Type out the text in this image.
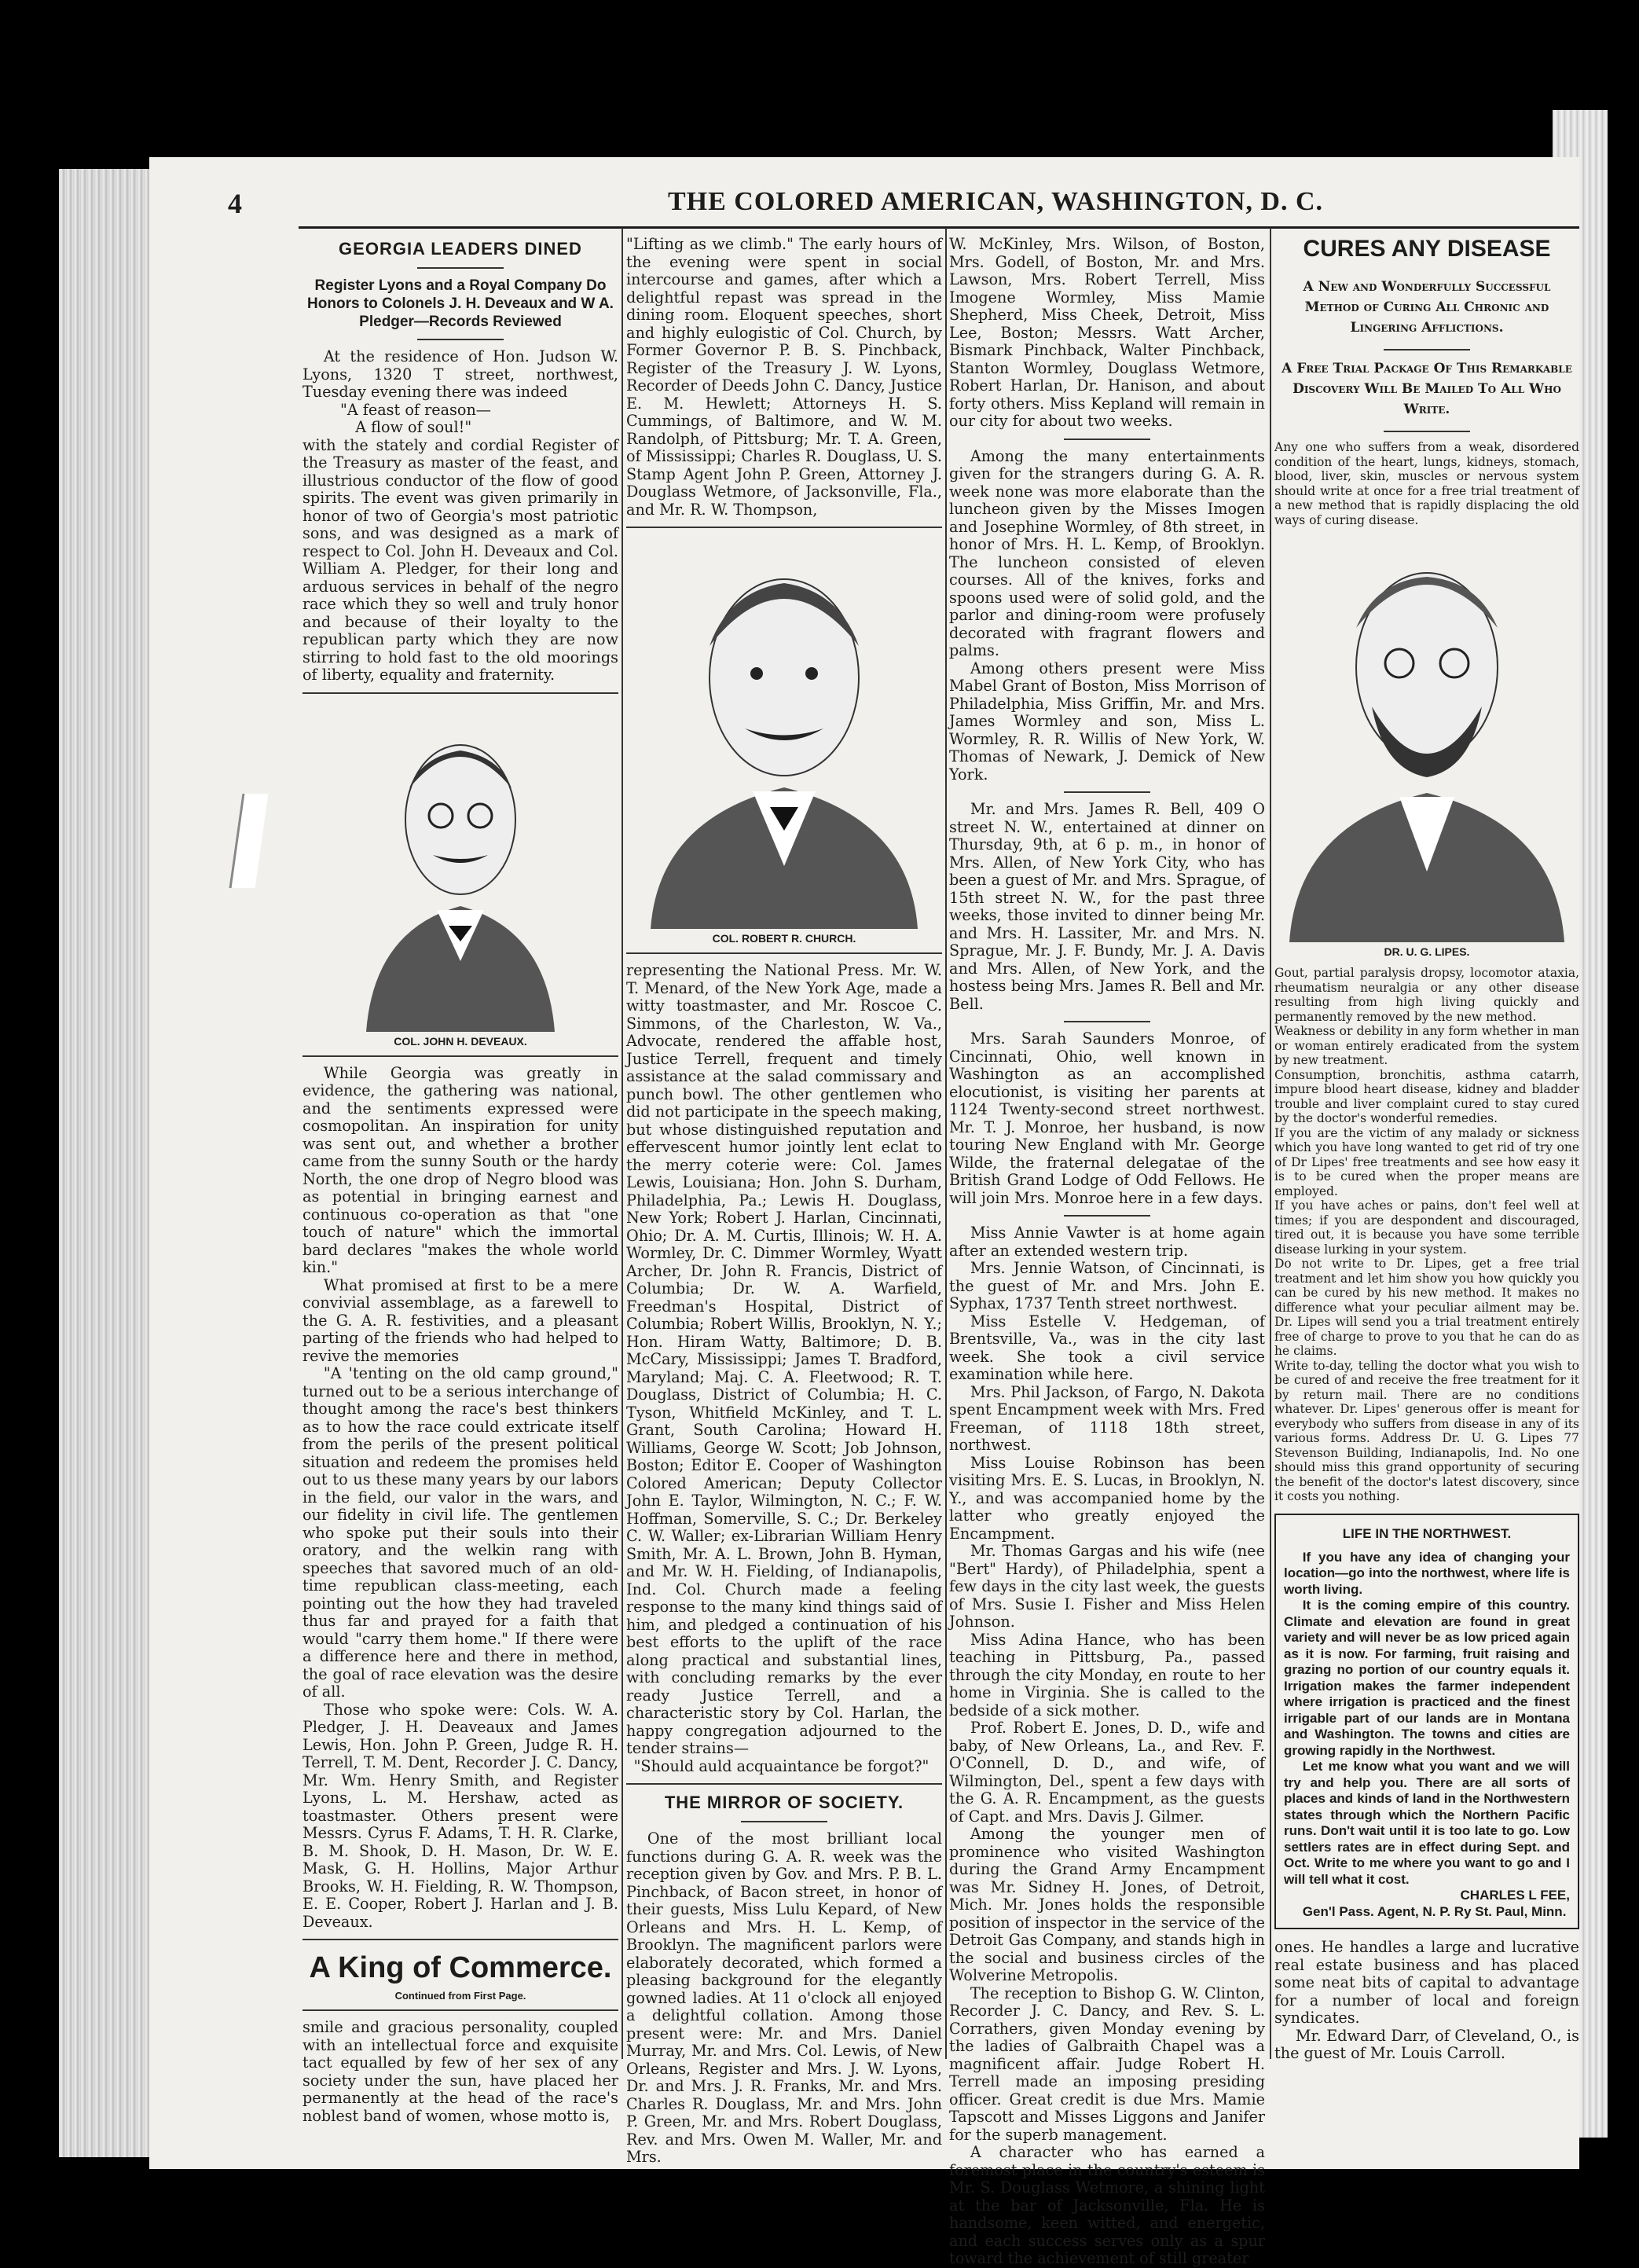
4	THE COLORED AMERICAN, WASHINGTON, D. C.
GEORGIA LEADERS DINED
Register Lyons and a Royal Company Do Honors to Colonels J. H. Deveaux and W A. Pledger—Records Reviewed

At the residence of Hon. Judson W. Lyons, 1320 T street, northwest, Tuesday evening there was indeed

"A feast of reason—

A flow of soul!"

with the stately and cordial Register of the Treasury as master of the feast, and illustrious conductor of the flow of good spirits. The event was given primarily in honor of two of Georgia's most patriotic sons, and was designed as a mark of respect to Col. John H. Deveaux and Col. William A. Pledger, for their long and arduous services in behalf of the negro race which they so well and truly honor and because of their loyalty to the republican party which they are now stirring to hold fast to the old moorings of liberty, equality and fraternity.

COL. JOHN H. DEVEAUX.

While Georgia was greatly in evidence, the gathering was national, and the sentiments expressed were cosmopolitan. An inspiration for unity was sent out, and whether a brother came from the sunny South or the hardy North, the one drop of Negro blood was as potential in bringing earnest and continuous co-operation as that "one touch of nature" which the immortal bard declares "makes the whole world kin."

What promised at first to be a mere convivial assemblage, as a farewell to the G. A. R. festivities, and a pleasant parting of the friends who had helped to revive the memories

"A 'tenting on the old camp ground," turned out to be a serious interchange of thought among the race's best thinkers as to how the race could extricate itself from the perils of the present political situation and redeem the promises held out to us these many years by our labors in the field, our valor in the wars, and our fidelity in civil life. The gentlemen who spoke put their souls into their oratory, and the welkin rang with speeches that savored much of an old-time republican class-meeting, each pointing out the how they had traveled thus far and prayed for a faith that would "carry them home." If there were a difference here and there in method, the goal of race elevation was the desire of all.

Those who spoke were: Cols. W. A. Pledger, J. H. Deaveaux and James Lewis, Hon. John P. Green, Judge R. H. Terrell, T. M. Dent, Recorder J. C. Dancy, Mr. Wm. Henry Smith, and Register Lyons, L. M. Hershaw, acted as toastmaster. Others present were Messrs. Cyrus F. Adams, T. H. R. Clarke, B. M. Shook, D. H. Mason, Dr. W. E. Mask, G. H. Hollins, Major Arthur Brooks, W. H. Fielding, R. W. Thompson, E. E. Cooper, Robert J. Harlan and J. B. Deveaux.

A King of Commerce.
Continued from First Page.

smile and gracious personality, coupled with an intellectual force and exquisite tact equalled by few of her sex of any society under the sun, have placed her permanently at the head of the race's noblest band of women, whose motto is,

"Lifting as we climb." The early hours of the evening were spent in social intercourse and games, after which a delightful repast was spread in the dining room. Eloquent speeches, short and highly eulogistic of Col. Church, by Former Governor P. B. S. Pinchback, Register of the Treasury J. W. Lyons, Recorder of Deeds John C. Dancy, Justice E. M. Hewlett; Attorneys H. S. Cummings, of Baltimore, and W. M. Randolph, of Pittsburg; Mr. T. A. Green, of Mississippi; Charles R. Douglass, U. S. Stamp Agent John P. Green, Attorney J. Douglass Wetmore, of Jacksonville, Fla., and Mr. R. W. Thompson,

COL. ROBERT R. CHURCH.

representing the National Press. Mr. W. T. Menard, of the New York Age, made a witty toastmaster, and Mr. Roscoe C. Simmons, of the Charleston, W. Va., Advocate, rendered the affable host, Justice Terrell, frequent and timely assistance at the salad commissary and punch bowl. The other gentlemen who did not participate in the speech making, but whose distinguished reputation and effervescent humor jointly lent eclat to the merry coterie were: Col. James Lewis, Louisiana; Hon. John S. Durham, Philadelphia, Pa.; Lewis H. Douglass, New York; Robert J. Harlan, Cincinnati, Ohio; Dr. A. M. Curtis, Illinois; W. H. A. Wormley, Dr. C. Dimmer Wormley, Wyatt Archer, Dr. John R. Francis, District of Columbia; Dr. W. A. Warfield, Freedman's Hospital, District of Columbia; Robert Willis, Brooklyn, N. Y.; Hon. Hiram Watty, Baltimore; D. B. McCary, Mississippi; James T. Bradford, Maryland; Maj. C. A. Fleetwood; R. T. Douglass, District of Columbia; H. C. Tyson, Whitfield McKinley, and T. L. Grant, South Carolina; Howard H. Williams, George W. Scott; Job Johnson, Boston; Editor E. Cooper of Washington Colored American; Deputy Collector John E. Taylor, Wilmington, N. C.; F. W. Hoffman, Somerville, S. C.; Dr. Berkeley C. W. Waller; ex-Librarian William Henry Smith, Mr. A. L. Brown, John B. Hyman, and Mr. W. H. Fielding, of Indianapolis, Ind. Col. Church made a feeling response to the many kind things said of him, and pledged a continuation of his best efforts to the uplift of the race along practical and substantial lines, with concluding remarks by the ever ready Justice Terrell, and a characteristic story by Col. Harlan, the happy congregation adjourned to the tender strains—

"Should auld acquaintance be forgot?"

THE MIRROR OF SOCIETY.

One of the most brilliant local functions during G. A. R. week was the reception given by Gov. and Mrs. P. B. L. Pinchback, of Bacon street, in honor of their guests, Miss Lulu Kepard, of New Orleans and Mrs. H. L. Kemp, of Brooklyn. The magnificent parlors were elaborately decorated, which formed a pleasing background for the elegantly gowned ladies. At 11 o'clock all enjoyed a delightful collation. Among those present were: Mr. and Mrs. Daniel Murray, Mr. and Mrs. Col. Lewis, of New Orleans, Register and Mrs. J. W. Lyons, Dr. and Mrs. J. R. Franks, Mr. and Mrs. Charles R. Douglass, Mr. and Mrs. John P. Green, Mr. and Mrs. Robert Douglass, Rev. and Mrs. Owen M. Waller, Mr. and Mrs.

W. McKinley, Mrs. Wilson, of Boston, Mrs. Godell, of Boston, Mr. and Mrs. Lawson, Mrs. Robert Terrell, Miss Imogene Wormley, Miss Mamie Shepherd, Miss Cheek, Detroit, Miss Lee, Boston; Messrs. Watt Archer, Bismark Pinchback, Walter Pinchback, Stanton Wormley, Douglass Wetmore, Robert Harlan, Dr. Hanison, and about forty others. Miss Kepland will remain in our city for about two weeks.

Among the many entertainments given for the strangers during G. A. R. week none was more elaborate than the luncheon given by the Misses Imogen and Josephine Wormley, of 8th street, in honor of Mrs. H. L. Kemp, of Brooklyn. The luncheon consisted of eleven courses. All of the knives, forks and spoons used were of solid gold, and the parlor and dining-room were profusely decorated with fragrant flowers and palms.

Among others present were Miss Mabel Grant of Boston, Miss Morrison of Philadelphia, Miss Griffin, Mr. and Mrs. James Wormley and son, Miss L. Wormley, R. R. Willis of New York, W. Thomas of Newark, J. Demick of New York.

Mr. and Mrs. James R. Bell, 409 O street N. W., entertained at dinner on Thursday, 9th, at 6 p. m., in honor of Mrs. Allen, of New York City, who has been a guest of Mr. and Mrs. Sprague, of 15th street N. W., for the past three weeks, those invited to dinner being Mr. and Mrs. H. Lassiter, Mr. and Mrs. N. Sprague, Mr. J. F. Bundy, Mr. J. A. Davis and Mrs. Allen, of New York, and the hostess being Mrs. James R. Bell and Mr. Bell.

Mrs. Sarah Saunders Monroe, of Cincinnati, Ohio, well known in Washington as an accomplished elocutionist, is visiting her parents at 1124 Twenty-second street northwest. Mr. T. J. Monroe, her husband, is now touring New England with Mr. George Wilde, the fraternal delegatae of the British Grand Lodge of Odd Fellows. He will join Mrs. Monroe here in a few days.

Miss Annie Vawter is at home again after an extended western trip.

Mrs. Jennie Watson, of Cincinnati, is the guest of Mr. and Mrs. John E. Syphax, 1737 Tenth street northwest.

Miss Estelle V. Hedgeman, of Brentsville, Va., was in the city last week. She took a civil service examination while here.

Mrs. Phil Jackson, of Fargo, N. Dakota spent Encampment week with Mrs. Fred Freeman, of 1118 18th street, northwest.

Miss Louise Robinson has been visiting Mrs. E. S. Lucas, in Brooklyn, N. Y., and was accompanied home by the latter who greatly enjoyed the Encampment.

Mr. Thomas Gargas and his wife (nee "Bert" Hardy), of Philadelphia, spent a few days in the city last week, the guests of Mrs. Susie I. Fisher and Miss Helen Johnson.

Miss Adina Hance, who has been teaching in Pittsburg, Pa., passed through the city Monday, en route to her home in Virginia. She is called to the bedside of a sick mother.

Prof. Robert E. Jones, D. D., wife and baby, of New Orleans, La., and Rev. F. O'Connell, D. D., and wife, of Wilmington, Del., spent a few days with the G. A. R. Encampment, as the guests of Capt. and Mrs. Davis J. Gilmer.

Among the younger men of prominence who visited Washington during the Grand Army Encampment was Mr. Sidney H. Jones, of Detroit, Mich. Mr. Jones holds the responsible position of inspector in the service of the Detroit Gas Company, and stands high in the social and business circles of the Wolverine Metropolis.

The reception to Bishop G. W. Clinton, Recorder J. C. Dancy, and Rev. S. L. Corrathers, given Monday evening by the ladies of Galbraith Chapel was a magnificent affair. Judge Robert H. Terrell made an imposing presiding officer. Great credit is due Mrs. Mamie Tapscott and Misses Liggons and Janifer for the superb management.

A character who has earned a foremost place in the country's esteem is Mr. S. Douglass Wetmore, a shining light at the bar of Jacksonville, Fla. He is handsome, keen witted, and energetic, and each success serves only as a spur toward the achievement of still greater

CURES ANY DISEASE
A New and Wonderfully Successful Method of Curing All Chronic and Lingering Afflictions.
A Free Trial Package Of This Remarkable Discovery Will Be Mailed To All Who Write.

Any one who suffers from a weak, disordered condition of the heart, lungs, kidneys, stomach, blood, liver, skin, muscles or nervous system should write at once for a free trial treatment of a new method that is rapidly displacing the old ways of curing disease.

DR. U. G. LIPES.

Gout, partial paralysis dropsy, locomotor ataxia, rheumatism neuralgia or any other disease resulting from high living quickly and permanently removed by the new method.

Weakness or debility in any form whether in man or woman entirely eradicated from the system by new treatment.

Consumption, bronchitis, asthma catarrh, impure blood heart disease, kidney and bladder trouble and liver complaint cured to stay cured by the doctor's wonderful remedies.

If you are the victim of any malady or sickness which you have long wanted to get rid of try one of Dr Lipes' free treatments and see how easy it is to be cured when the proper means are employed.

If you have aches or pains, don't feel well at times; if you are despondent and discouraged, tired out, it is because you have some terrible disease lurking in your system.

Do not write to Dr. Lipes, get a free trial treatment and let him show you how quickly you can be cured by his new method. It makes no difference what your peculiar ailment may be. Dr. Lipes will send you a trial treatment entirely free of charge to prove to you that he can do as he claims.

Write to-day, telling the doctor what you wish to be cured of and receive the free treatment for it by return mail. There are no conditions whatever. Dr. Lipes' generous offer is meant for everybody who suffers from disease in any of its various forms. Address Dr. U. G. Lipes 77 Stevenson Building, Indianapolis, Ind. No one should miss this grand opportunity of securing the benefit of the doctor's latest discovery, since it costs you nothing.

LIFE IN THE NORTHWEST.

If you have any idea of changing your location—go into the northwest, where life is worth living.

It is the coming empire of this country. Climate and elevation are found in great variety and will never be as low priced again as it is now. For farming, fruit raising and grazing no portion of our country equals it. Irrigation makes the farmer independent where irrigation is practiced and the finest irrigable part of our lands are in Montana and Washington. The towns and cities are growing rapidly in the Northwest.

Let me know what you want and we will try and help you. There are all sorts of places and kinds of land in the Northwestern states through which the Northern Pacific runs. Don't wait until it is too late to go. Low settlers rates are in effect during Sept. and Oct. Write to me where you want to go and I will tell what it cost.

CHARLES L FEE,

Gen'l Pass. Agent, N. P. Ry St. Paul, Minn.

ones. He handles a large and lucrative real estate business and has placed some neat bits of capital to advantage for a number of local and foreign syndicates.

Mr. Edward Darr, of Cleveland, O., is the guest of Mr. Louis Carroll.
